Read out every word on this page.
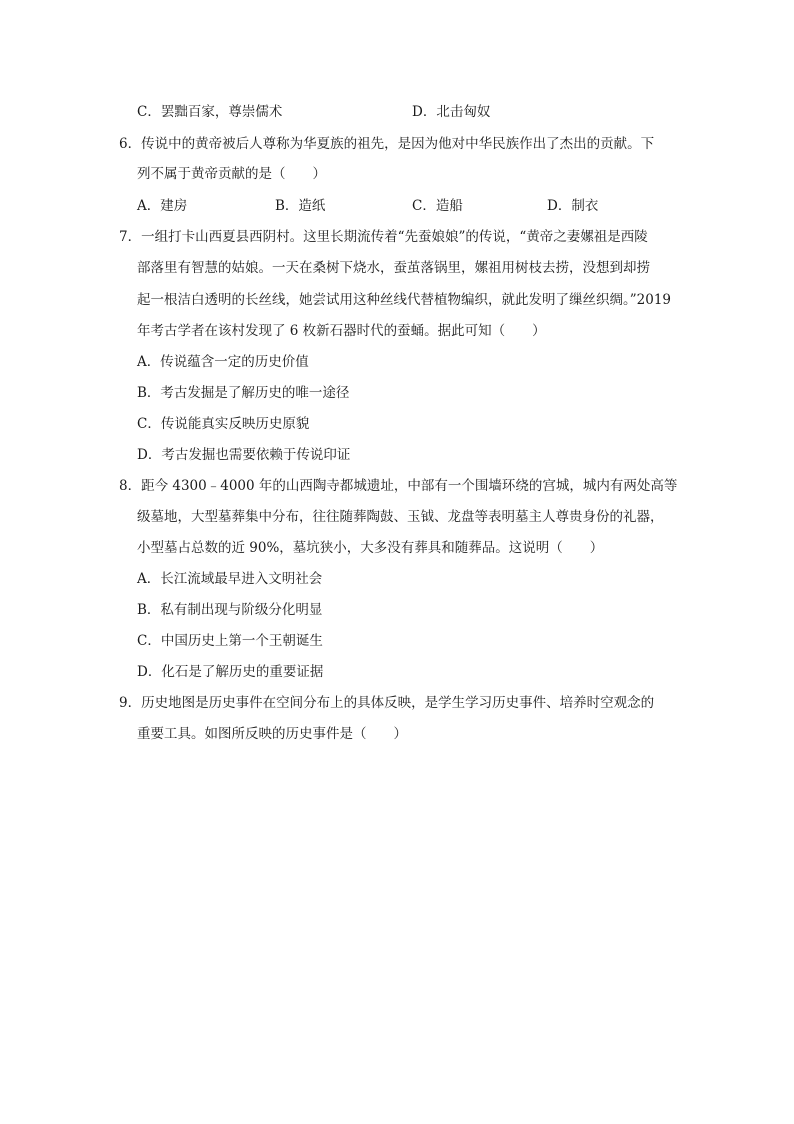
C．罢黜百家，尊崇儒术	D．北击匈奴
6．传说中的黄帝被后人尊称为华夏族的祖先，是因为他对中华民族作出了杰出的贡献。下
列不属于黄帝贡献的是（　　）
A．建房	B．造纸	C．造船	D．制衣
7．一组打卡山西夏县西阴村。这里长期流传着“先蚕娘娘”的传说，“黄帝之妻嫘祖是西陵
部落里有智慧的姑娘。一天在桑树下烧水，蚕茧落锅里，嫘祖用树枝去捞，没想到却捞
起一根洁白透明的长丝线，她尝试用这种丝线代替植物编织，就此发明了缫丝织绸。”2019
年考古学者在该村发现了 6 枚新石器时代的蚕蛹。据此可知（　　）
A．传说蕴含一定的历史价值
B．考古发掘是了解历史的唯一途径
C．传说能真实反映历史原貌
D．考古发掘也需要依赖于传说印证
8．距今 4300﹣4000 年的山西陶寺都城遗址，中部有一个围墙环绕的宫城，城内有两处高等
级墓地，大型墓葬集中分布，往往随葬陶鼓、玉钺、龙盘等表明墓主人尊贵身份的礼器，
小型墓占总数的近 90%，墓坑狭小，大多没有葬具和随葬品。这说明（　　）
A．长江流域最早进入文明社会
B．私有制出现与阶级分化明显
C．中国历史上第一个王朝诞生
D．化石是了解历史的重要证据
9．历史地图是历史事件在空间分布上的具体反映，是学生学习历史事件、培养时空观念的
重要工具。如图所反映的历史事件是（　　）
